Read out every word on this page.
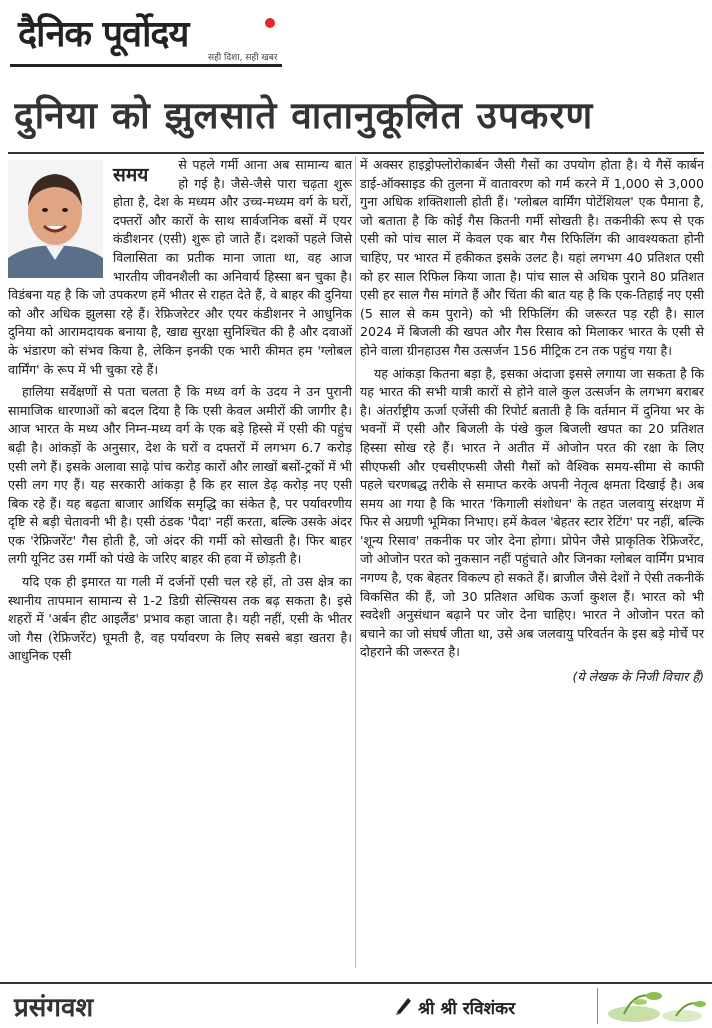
दैनिक पूर्वोदय
सही दिशा, सही खबर
दुनिया को झुलसाते वातानुकूलित उपकरण
समय	से पहले गर्मी आना अब सामान्य बात हो गई है। जैसे-जैसे पारा चढ़ता शुरू होता है, देश के मध्यम और उच्च-मध्यम वर्ग के घरों, दफ्तरों और कारों के साथ सार्वजनिक बसों में एयर कंडीशनर (एसी) शुरू हो जाते हैं। दशकों पहले जिसे विलासिता का प्रतीक माना जाता था, वह आज भारतीय जीवनशैली का अनिवार्य हिस्सा बन चुका है। विडंबना यह है कि जो उपकरण हमें भीतर से राहत देते हैं, वे बाहर की दुनिया को और अधिक झुलसा रहे हैं। रेफ्रिजरेटर और एयर कंडीशनर ने आधुनिक दुनिया को आरामदायक बनाया है, खाद्य सुरक्षा सुनिश्चित की है और दवाओं के भंडारण को संभव किया है, लेकिन इनकी एक भारी कीमत हम 'ग्लोबल वार्मिंग' के रूप में भी चुका रहे हैं।

हालिया सर्वेक्षणों से पता चलता है कि मध्य वर्ग के उदय ने उन पुरानी सामाजिक धारणाओं को बदल दिया है कि एसी केवल अमीरों की जागीर है। आज भारत के मध्य और निम्न-मध्य वर्ग के एक बड़े हिस्से में एसी की पहुंच बढ़ी है। आंकड़ों के अनुसार, देश के घरों व दफ्तरों में लगभग 6.7 करोड़ एसी लगे हैं। इसके अलावा साढ़े पांच करोड़ कारों और लाखों बसों-ट्रकों में भी एसी लग गए हैं। यह सरकारी आंकड़ा है कि हर साल डेढ़ करोड़ नए एसी बिक रहे हैं। यह बढ़ता बाजार आर्थिक समृद्धि का संकेत है, पर पर्यावरणीय दृष्टि से बड़ी चेतावनी भी है। एसी ठंडक 'पैदा' नहीं करता, बल्कि उसके अंदर एक 'रेफ्रिजरेंट' गैस होती है, जो अंदर की गर्मी को सोखती है। फिर बाहर लगी यूनिट उस गर्मी को पंखे के जरिए बाहर की हवा में छोड़ती है।

यदि एक ही इमारत या गली में दर्जनों एसी चल रहे हों, तो उस क्षेत्र का स्थानीय तापमान सामान्य से 1-2 डिग्री सेल्सियस तक बढ़ सकता है। इसे शहरों में 'अर्बन हीट आइलैंड' प्रभाव कहा जाता है। यही नहीं, एसी के भीतर जो गैस (रेफ्रिजरेंट) घूमती है, वह पर्यावरण के लिए सबसे बड़ा खतरा है। आधुनिक एसी

में अक्सर हाइड्रोफ्लोरोकार्बन जैसी गैसों का उपयोग होता है। ये गैसें कार्बन डाई-ऑक्साइड की तुलना में वातावरण को गर्म करने में 1,000 से 3,000 गुना अधिक शक्तिशाली होती हैं। 'ग्लोबल वार्मिंग पोटेंशियल' एक पैमाना है, जो बताता है कि कोई गैस कितनी गर्मी सोखती है। तकनीकी रूप से एक एसी को पांच साल में केवल एक बार गैस रिफिलिंग की आवश्यकता होनी चाहिए, पर भारत में हकीकत इसके उलट है। यहां लगभग 40 प्रतिशत एसी को हर साल रिफिल किया जाता है। पांच साल से अधिक पुराने 80 प्रतिशत एसी हर साल गैस मांगते हैं और चिंता की बात यह है कि एक-तिहाई नए एसी (5 साल से कम पुराने) को भी रिफिलिंग की जरूरत पड़ रही है। साल 2024 में बिजली की खपत और गैस रिसाव को मिलाकर भारत के एसी से होने वाला ग्रीनहाउस गैस उत्सर्जन 156 मीट्रिक टन तक पहुंच गया है।

यह आंकड़ा कितना बड़ा है, इसका अंदाजा इससे लगाया जा सकता है कि यह भारत की सभी यात्री कारों से होने वाले कुल उत्सर्जन के लगभग बराबर है। अंतर्राष्ट्रीय ऊर्जा एजेंसी की रिपोर्ट बताती है कि वर्तमान में दुनिया भर के भवनों में एसी और बिजली के पंखे कुल बिजली खपत का 20 प्रतिशत हिस्सा सोख रहे हैं। भारत ने अतीत में ओजोन परत की रक्षा के लिए सीएफसी और एचसीएफसी जैसी गैसों को वैश्विक समय-सीमा से काफी पहले चरणबद्ध तरीके से समाप्त करके अपनी नेतृत्व क्षमता दिखाई है। अब समय आ गया है कि भारत 'किगाली संशोधन' के तहत जलवायु संरक्षण में फिर से अग्रणी भूमिका निभाए। हमें केवल 'बेहतर स्टार रेटिंग' पर नहीं, बल्कि 'शून्य रिसाव' तकनीक पर जोर देना होगा। प्रोपेन जैसे प्राकृतिक रेफ्रिजरेंट, जो ओजोन परत को नुकसान नहीं पहुंचाते और जिनका ग्लोबल वार्मिंग प्रभाव नगण्य है, एक बेहतर विकल्प हो सकते हैं। ब्राजील जैसे देशों ने ऐसी तकनीकें विकसित की हैं, जो 30 प्रतिशत अधिक ऊर्जा कुशल हैं। भारत को भी स्वदेशी अनुसंधान बढ़ाने पर जोर देना चाहिए। भारत ने ओजोन परत को बचाने का जो संघर्ष जीता था, उसे अब जलवायु परिवर्तन के इस बड़े मोर्चे पर दोहराने की जरूरत है।

(ये लेखक के निजी विचार हैं)
प्रसंगवश	श्री श्री रविशंकर
